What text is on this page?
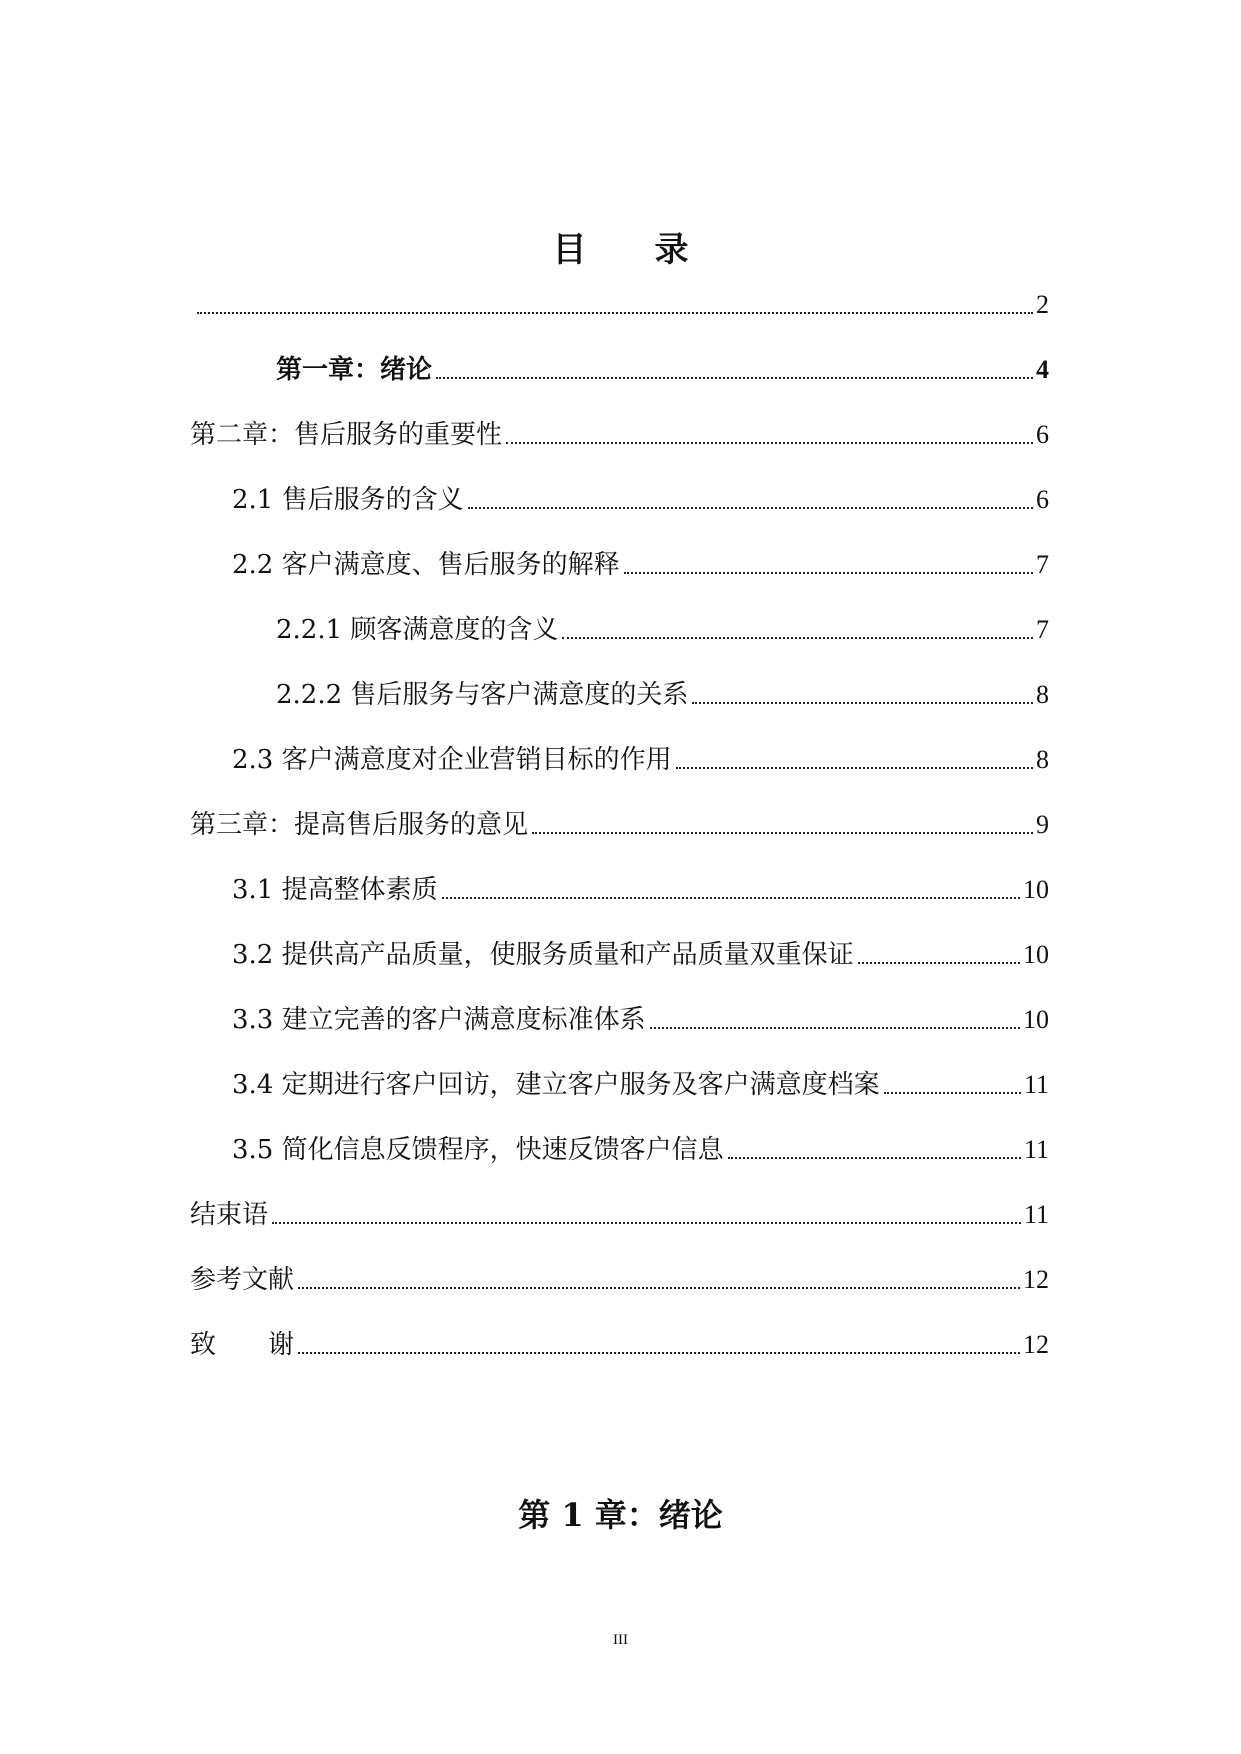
目　　录
2
第一章：绪论	4
第二章：售后服务的重要性	6
2.1 售后服务的含义	6
2.2 客户满意度、售后服务的解释	7
2.2.1 顾客满意度的含义	7
2.2.2 售后服务与客户满意度的关系	8
2.3 客户满意度对企业营销目标的作用	8
第三章：提高售后服务的意见	9
3.1 提高整体素质	10
3.2 提供高产品质量，使服务质量和产品质量双重保证	10
3.3 建立完善的客户满意度标准体系	10
3.4 定期进行客户回访，建立客户服务及客户满意度档案	11
3.5 简化信息反馈程序，快速反馈客户信息	11
结束语	11
参考文献	12
致　　谢	12
第 1 章：绪论
III
